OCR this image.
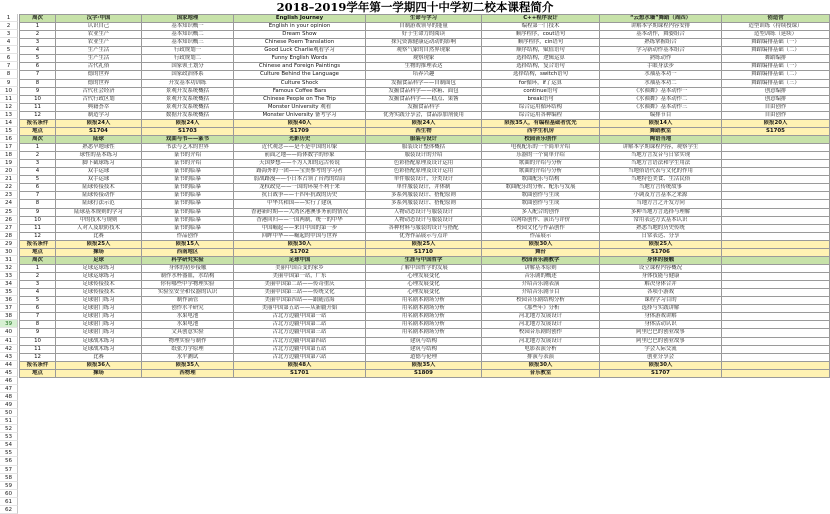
2018–2019学年第一学期四十中学初二校本课程简介
1
2
3
4
5
6
7
8
9
10
11
12
13
14
15
16
17
18
19
20
21
22
23
24
25
26
27
28
29
30
31
32
33
34
35
36
37
38
39
40
41
42
43
44
45
46
47
48
49
50
51
52
53
54
55
56
57
58
59
60
61
62
周次	汉字·中国	国家地理	English Journey	生命与学习	C++程序设计	“云想水墙”舞蹈（周四）	创造营
1	认识自己	基本知识概一	English in your opinion	自制游戏领导的能量	编程第一门技术	讲解本学期课程内容安排	造型训练（持续授课）
2	农业生产	基本知识概二	Dream Show	好于生命力的阅读	顺序程序，cout语句	基本动作，舞姿组合	造型训练（延续）
3	农业生产	基本知识概三	Chinese Poem Translation	探究资源健康运动动的影响	顺序程序，cin语句	熟练掌握组合	舞蹈编排基础（一）
4	生产生活	行政规划一	Good Luck Charlie观看学习	观察气象的自然界现象	顺序结构，赋值语句	学习新动作基本组合	舞蹈编排基础（二）
5	生产生活	行政规划二	Funny English Words	观察现象	选择结构，逻辑运算	熟练动作	舞蹈编排
6	古代礼俗	国家领土划分	Chinese and Foreign Paintings	生物的推理表达	选择结构，复合语句	手眼身法步	舞蹈编排基础（一）
7	德的世界	国家政治体系	Culture Behind the Language	培养兴趣	选择结构，switch语句	水袖基本功一	舞蹈编排基础（二）
8	德的世界	开发基本功训练	Culture Shock	发掘食品科学——自制面包	for循环，if了运算	水袖基本功二	舞蹈编排基础（三）
9	古代社会经济	景观开发系统概括	Famous Coffee Bars	发掘食品科学——冰箱、面包	continue语句	《水袖舞》基本动作一	创意编排
10	古代行政区划	景观开发系统概括	Chinese People on The Trip	发掘食品科学——糕点、果酱	break语句	《水袖舞》基本动作二	创意编排
11	典籍荟萃	景观开发系统概括	Monster University 观看	发掘食品科学	综合运用循环结构	《水袖舞》基本动作三	自由创作
12	制造学习	数据开发系统概括	Monster University 备考学习	优秀实践分享会，食品添加剂使用	综合运用各种编程	编排节目	自由创作
报名条件	限报24人	限报24人	限报40人	限报24人	限报35人，有编程基础者优先	限报14人	限报20人
地点	S1704	S1703	S1709	西生物	西学生机房	舞蹈教室	S1705
周次	陆球	戏曲与书——篆书	光影历史	服装与设计	校园音乐创作	陶语当地	
1	熟悉旱地球性	书法与艺术的世界	近代观念——是不是中国的印象	服装设计整体概括	电视配乐的一个简单介绍	讲解本学期课程内容，观察学生	
2	球性的基本练习	篆书的介绍	前面之地——简体数字的形象	服装设计的介绍	乐器的一个简单介绍	当地方言发音与日常实现	
3	脚下截球练习	篆书的介绍	天国梦想——不为人知的远古传说	色彩搭配原理及设计运用	歌曲的介绍与分析	当地方言语法和学生用法	
4	双手运球	篆书的临摹	路海外的一团——宝贵参考的学习者	色彩搭配原理及设计运用	歌曲的介绍与分析	当地俗语代表与文化的作用	
5	双手运球	篆书的临摹	弱战路漫——小日本占领了台湾的结局	单件服装设计，分类设计	歌曲配乐与结构	当地特色美食、生活民俗	
6	陆球传接技术	篆书的临摹	龙权政党——一国的环境不利于来	单件服装设计，并体制	歌曲配乐的分析、配乐与发展	当地方言传统故事	
7	陆球传接动作	篆书的临摹	抗日战争——十四年抗战的历史	多系列服装设计、搭配原则	歌曲创作与生成	小调及方言基本之来源	
8	陆球打法示范	篆书的临摹	中华共和国——实行了建筑	多系列服装设计、搭配原则	歌曲创作与生成	当地方言之开发方向	
9	陆球基本规则的学习	篆书的临摹	香港新时期——大湾区港澳事务前的情况	人物动态设计与服装设计	多人配合的创作	多种当地方言选择与理解	
10	中的技术与规则	篆书的临摹	香港回归——一国两制，统一的中华	人物动态设计与服装设计	以网络创作、演出与评价	常用表达方式基本认识	
11	人对人及联防技术	篆书的临摹	中国崛起——来自中国的第一步	各种材料与服装的设计与搭配	校园文化与作品创作	熟悉当地的历史传统	
12	比赛	作品创作	回眸中华——崛起的中国与世界	优秀作品展示与点评	作品展示	日常表达、分享	
报名条件	限报25人	限报15人	限报30人	限报25人	限报30人	限报25人	
地点	操场	西南地区	S1702	S1710	舞台	S1706	
周次	足球	科学研究实验	足球中国	生涯与中国哲学	校园音乐剧教学	身体的接触	
1	足球运球练习	身体的初步接触	美丽中国百变的家乡	了解中国哲学的发展	讲解基本原则	设立课程内容概况	
2	足球运球练习	制作水杯器皿，水结构	美丽中国第一站，广东	心理发展变化	音乐剧的概述	身体技能与健康	
3	足球传接技术	你有哪些中学物理实验	美丽中国第二站——传奇重庆	心理发展变化	介绍音乐剧表演	解决身体合并	
4	足球传接技术	实验室安全和仪器的认识	美丽中国第三站——传统文化	心理发展变化	介绍音乐剧节目	各项小游戏	
5	足球射门练习	制作滴管	美丽中国第四站——跟随清海	用名剧本剧场分析	校园音乐剧结构分析	课程学习目的	
6	足球射门练习	创作水平研究	美丽中国第五站——从新疆开始	用名剧本剧场分析	《那些年》分析	选择与实践讲解	
7	足球射门练习	水果电池	古北方边疆中国第一站	用名剧本剧场分析	河北地方发展设计	身体游戏讲解	
8	足球射门练习	水果电池	古北方边疆中国第二站	用名剧本剧场分析	河北地方发展设计	身体活动认识	
9	足球射门练习	文具创意实验	古北方边疆中国第三站	用名剧本剧场分析	校园音乐剧的创作	阿里巴巴的创业故事	
10	足球战术练习	物理实验与制作	古北方边疆中国第四站	建筑与结构	河北地方发展设计	阿里巴巴的创业故事	
11	足球战术练习	纸张力学原理	古北方边疆中国第五站	建筑与结构	电影表演分析	学会人际交流	
12	比赛	水平测试	古北方边疆中国第六站	道德与伦理	排演与表演	创业分享会	
报名条件	限报36人	限报35人	限报48人	限报35人	限报30人	限报30人	
地点	操场	西物理	S1701	S1809	音乐教室	S1707	
